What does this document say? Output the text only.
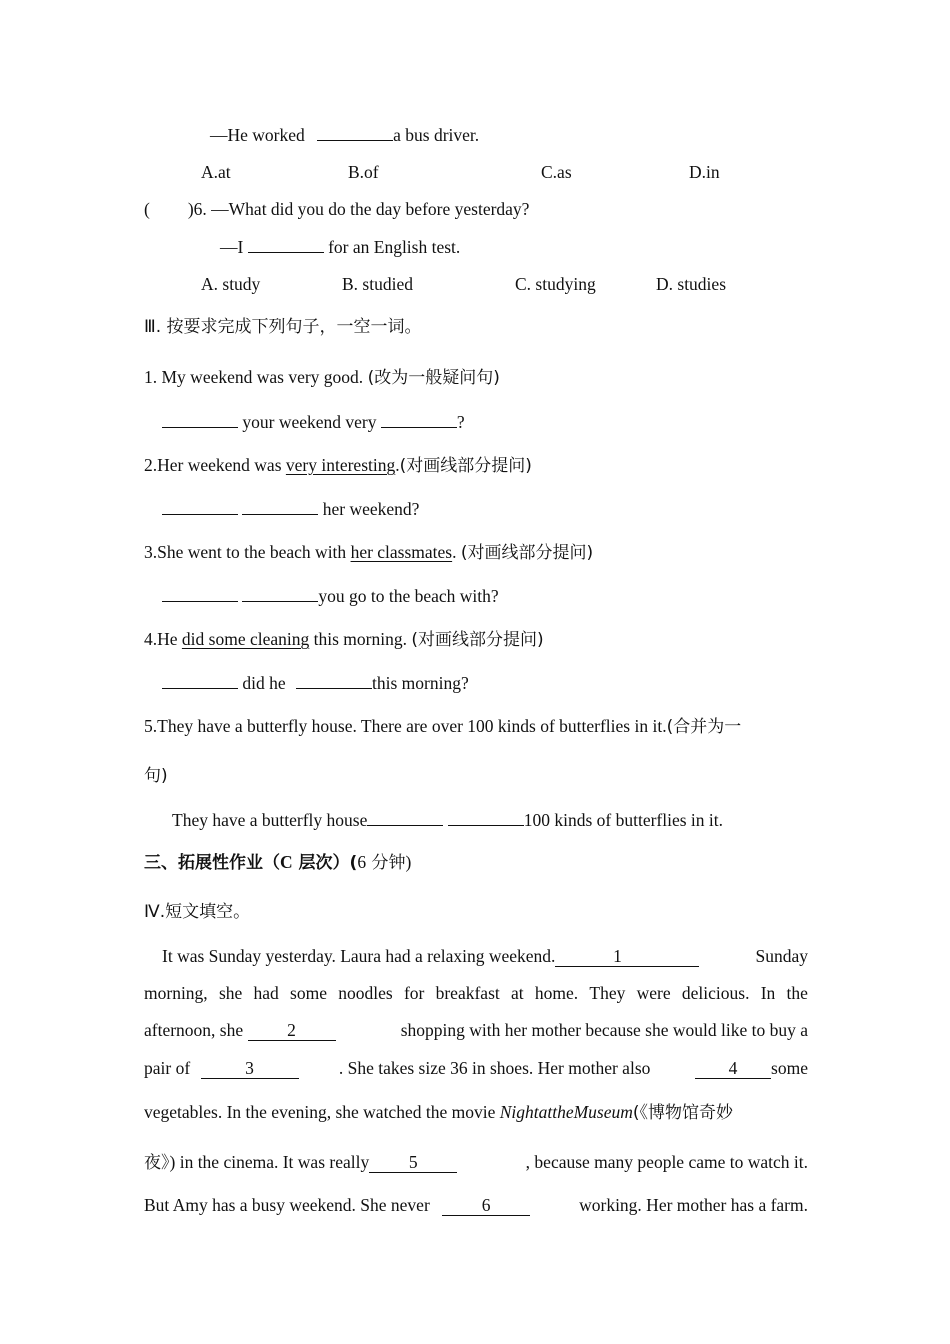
—He worked	a bus driver.
A.at	B.of	C.as	D.in
( )6. —What did you do the day before yesterday?
—I	for an English test.
A. study	B. studied	C. studying	D. studies
Ⅲ. 按要求完成下列句子，一空一词。
1. My weekend was very good. (改为一般疑问句)
your weekend very	?
2.Her weekend was very interesting.(对画线部分提问)
her weekend?
3.She went to the beach with her classmates. (对画线部分提问)
you go to the beach with?
4.He did some cleaning this morning. (对画线部分提问)
did he	this morning?
5.They have a butterfly house. There are over 100 kinds of butterflies in it.(合并为一
句)
They have a butterfly house	100 kinds of butterflies in it.
三、拓展性作业（C 层次）(6 分钟)
Ⅳ.短文填空。
It was Sunday yesterday. Laura had a relaxing weekend.	1	Sunday
morning, she had some noodles for breakfast at home. They were delicious. In the
afternoon, she 2	shopping with her mother because she would like to buy a
pair of	3	. She takes size 36 in shoes. Her mother also	4 some
vegetables. In the evening, she watched the movie NightattheMuseum(《博物馆奇妙
夜》) in the cinema. It was really 5	, because many people came to watch it.
But Amy has a busy weekend. She never	6	working. Her mother has a farm.
